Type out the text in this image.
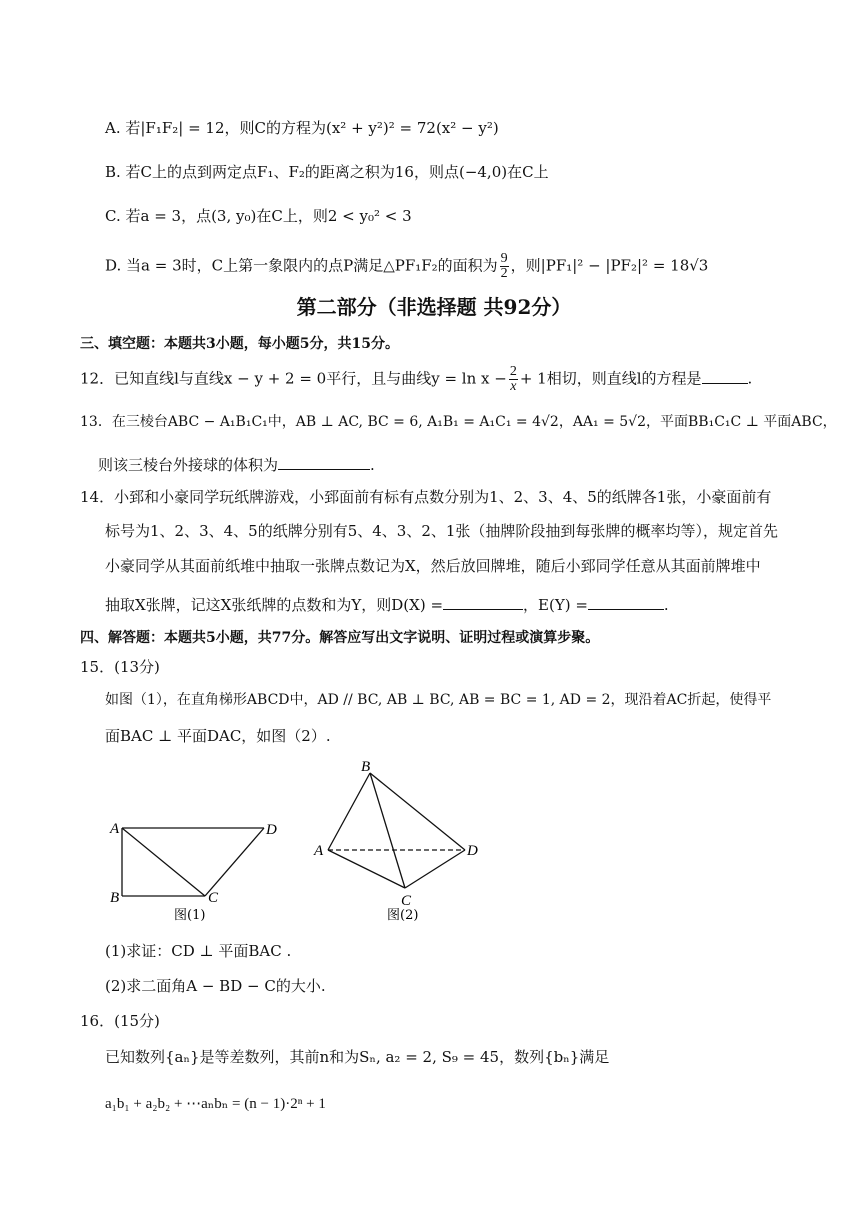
A. 若|F₁F₂| = 12，则C的方程为(x² + y²)² = 72(x² − y²)
B. 若C上的点到两定点F₁、F₂的距离之积为16，则点(−4,0)在C上
C. 若a = 3，点(3, y₀)在C上，则2 < y₀² < 3
D. 当a = 3时，C上第一象限内的点P满足△PF₁F₂的面积为 $\frac{9}{2}$ ，则|PF₁|² − |PF₂|² = 18√3
第二部分（非选择题 共92分）
三、填空题：本题共3小题，每小题5分，共15分。
12．已知直线l与直线x − y + 2 = 0平行，且与曲线$y = \ln x - \frac{2}{x} + 1$相切，则直线l的方程是	.
13．在三棱台ABC − A₁B₁C₁中，AB ⊥ AC, BC = 6, A₁B₁ = A₁C₁ = 4√2，AA₁ = 5√2，平面BB₁C₁C ⊥ 平面ABC，
则该三棱台外接球的体积为	.
14．小郅和小豪同学玩纸牌游戏，小郅面前有标有点数分别为1、2、3、4、5的纸牌各1张，小豪面前有
标号为1、2、3、4、5的纸牌分别有5、4、3、2、1张（抽牌阶段抽到每张牌的概率均等），规定首先
小豪同学从其面前纸堆中抽取一张牌点数记为X，然后放回牌堆，随后小郅同学任意从其面前牌堆中
抽取X张牌，记这X张纸牌的点数和为Y，则D(X) =	，E(Y) =	.
四、解答题：本题共5小题，共77分。解答应写出文字说明、证明过程或演算步聚。
15．(13分)
如图（1），在直角梯形ABCD中，AD // BC, AB ⊥ BC, AB = BC = 1, AD = 2，现沿着AC折起，使得平
面BAC ⊥ 平面DAC，如图（2）.
A	D
B	C
图(1)
B
A	D
C
图(2)
(1)求证：CD ⊥ 平面BAC .
(2)求二面角A − BD − C的大小.
16．(15分)
已知数列{aₙ}是等差数列，其前n和为Sₙ, a₂ = 2, S₉ = 45，数列{bₙ}满足
a₁b₁ + a₂b₂ + ⋯aₙbₙ = (n − 1)·2ⁿ + 1
